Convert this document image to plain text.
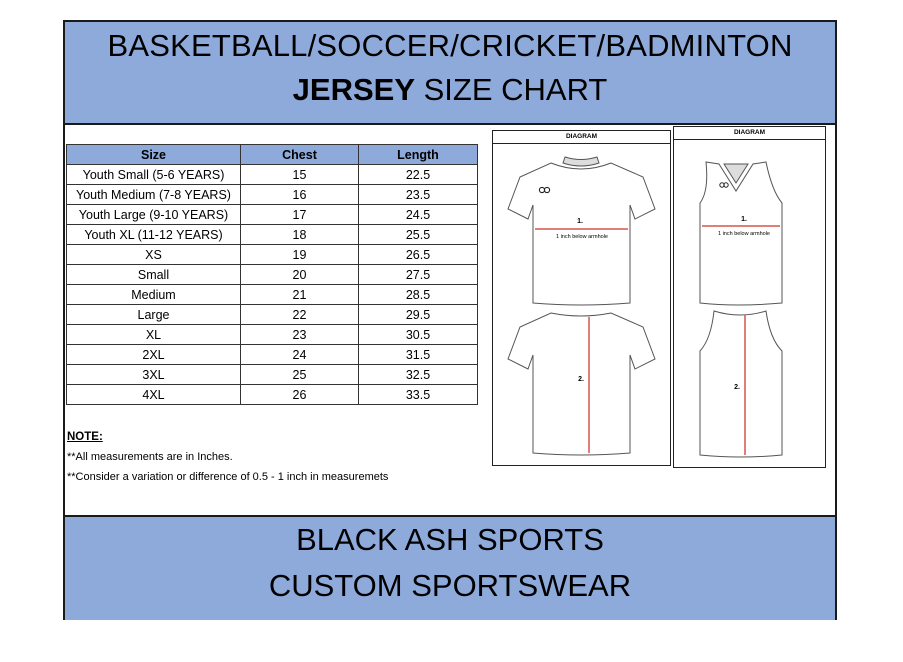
BASKETBALL/SOCCER/CRICKET/BADMINTON
JERSEY SIZE CHART
Size	Chest	Length
Youth Small (5-6 YEARS)	15	22.5
Youth Medium (7-8 YEARS)	16	23.5
Youth Large (9-10 YEARS)	17	24.5
Youth XL (11-12 YEARS)	18	25.5
XS	19	26.5
Small	20	27.5
Medium	21	28.5
Large	22	29.5
XL	23	30.5
2XL	24	31.5
3XL	25	32.5
4XL	26	33.5
NOTE:
**All measurements are in Inches.
**Consider a variation or difference of 0.5 - 1 inch in measuremets
DIAGRAM
1.
1 inch below armhole
2.
DIAGRAM
1.
1 inch below armhole
2.
BLACK ASH SPORTS
CUSTOM SPORTSWEAR
